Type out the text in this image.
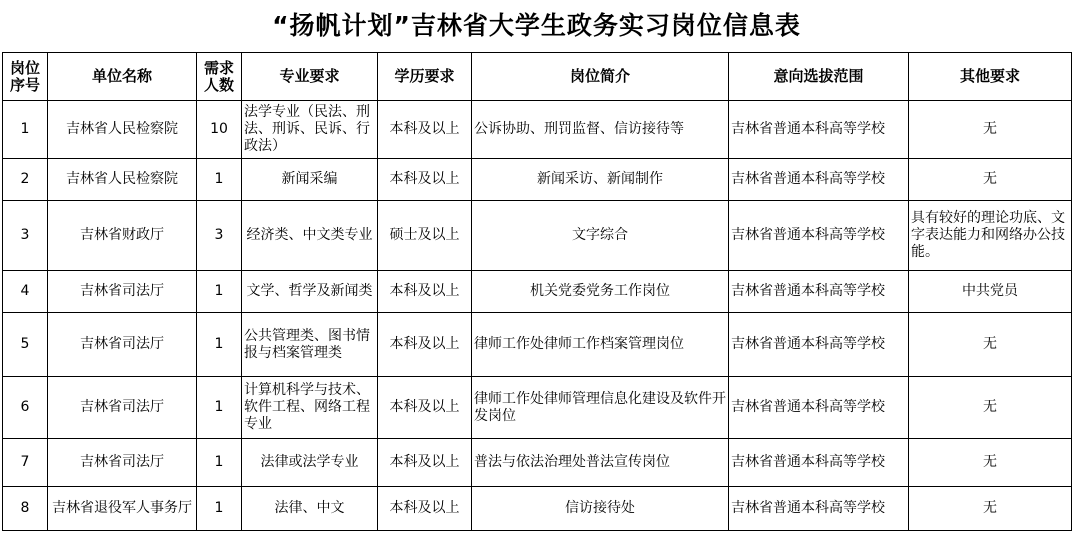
“扬帆计划”吉林省大学生政务实习岗位信息表
岗位序号	单位名称	需求人数	专业要求	学历要求	岗位简介	意向选拔范围	其他要求
1	吉林省人民检察院	10	法学专业（民法、刑法、刑诉、民诉、行政法）	本科及以上	公诉协助、刑罚监督、信访接待等	吉林省普通本科高等学校	无
2	吉林省人民检察院	1	新闻采编	本科及以上	新闻采访、新闻制作	吉林省普通本科高等学校	无
3	吉林省财政厅	3	经济类、中文类专业	硕士及以上	文字综合	吉林省普通本科高等学校	具有较好的理论功底、文字表达能力和网络办公技能。
4	吉林省司法厅	1	文学、哲学及新闻类	本科及以上	机关党委党务工作岗位	吉林省普通本科高等学校	中共党员
5	吉林省司法厅	1	公共管理类、图书情报与档案管理类	本科及以上	律师工作处律师工作档案管理岗位	吉林省普通本科高等学校	无
6	吉林省司法厅	1	计算机科学与技术、软件工程、网络工程专业	本科及以上	律师工作处律师管理信息化建设及软件开发岗位	吉林省普通本科高等学校	无
7	吉林省司法厅	1	法律或法学专业	本科及以上	普法与依法治理处普法宣传岗位	吉林省普通本科高等学校	无
8	吉林省退役军人事务厅	1	法律、中文	本科及以上	信访接待处	吉林省普通本科高等学校	无
